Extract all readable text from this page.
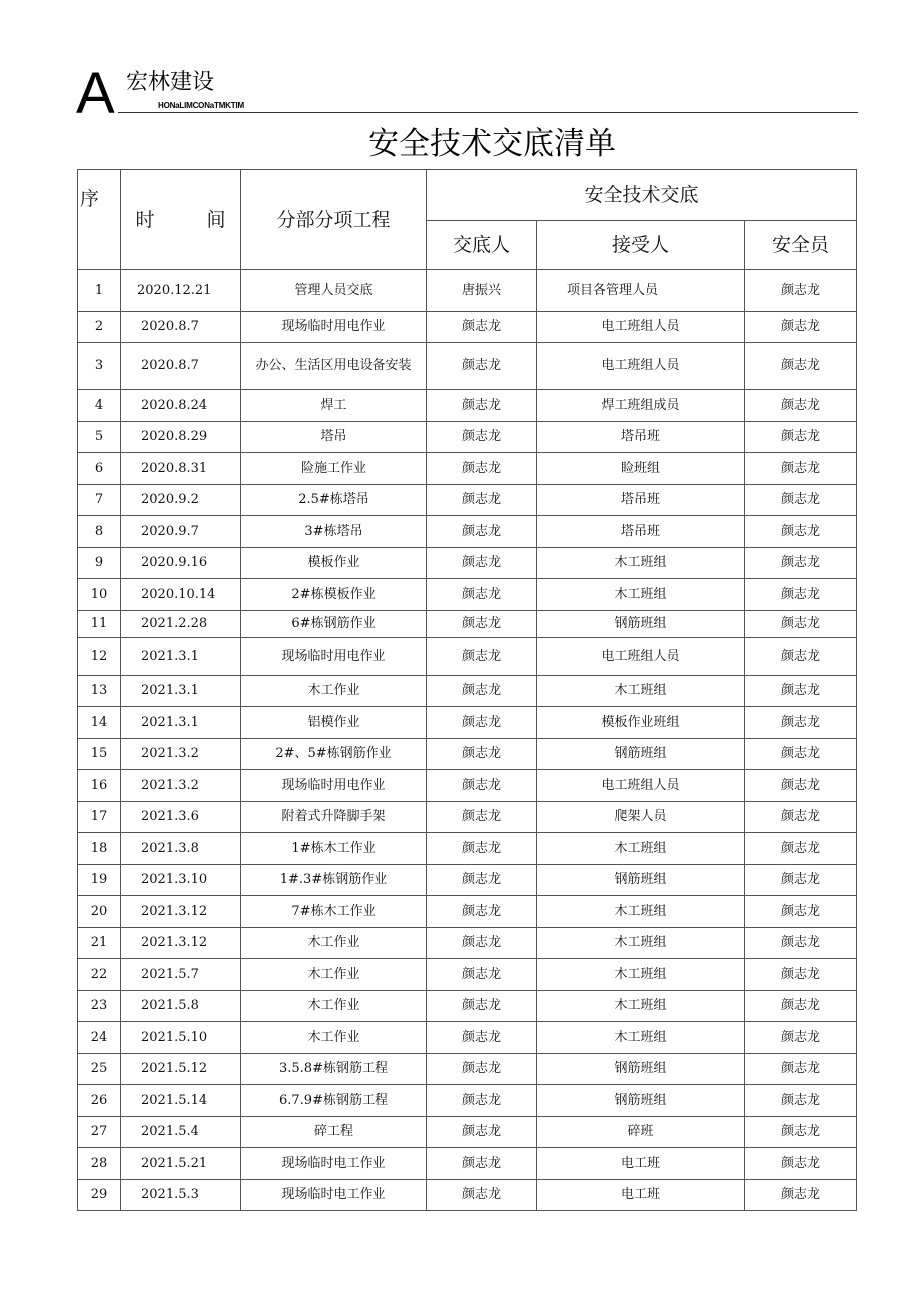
A 宏林建设
HONaLIMCONaTMKTIM
安全技术交底清单
序	时 间	分部分项工程	安全技术交底		
			交底人	接受人	安全员
1	2020.12.21	管理人员交底	唐振兴	项目各管理人员	颜志龙
2	2020.8.7	现场临时用电作业	颜志龙	电工班组人员	颜志龙
3	2020.8.7	办公、生活区用电设备安装	颜志龙	电工班组人员	颜志龙
4	2020.8.24	焊工	颜志龙	焊工班组成员	颜志龙
5	2020.8.29	塔吊	颜志龙	塔吊班	颜志龙
6	2020.8.31	险施工作业	颜志龙	睑班组	颜志龙
7	2020.9.2	2.5#栋塔吊	颜志龙	塔吊班	颜志龙
8	2020.9.7	3#栋塔吊	颜志龙	塔吊班	颜志龙
9	2020.9.16	模板作业	颜志龙	木工班组	颜志龙
10	2020.10.14	2#栋模板作业	颜志龙	木工班组	颜志龙
11	2021.2.28	6#栋钢筋作业	颜志龙	钢筋班组	颜志龙
12	2021.3.1	现场临时用电作业	颜志龙	电工班组人员	颜志龙
13	2021.3.1	木工作业	颜志龙	木工班组	颜志龙
14	2021.3.1	铝模作业	颜志龙	模板作业班组	颜志龙
15	2021.3.2	2#、5#栋钢筋作业	颜志龙	钢筋班组	颜志龙
16	2021.3.2	现场临时用电作业	颜志龙	电工班组人员	颜志龙
17	2021.3.6	附着式升降脚手架	颜志龙	爬架人员	颜志龙
18	2021.3.8	1#栋木工作业	颜志龙	木工班组	颜志龙
19	2021.3.10	1#.3#栋钢筋作业	颜志龙	钢筋班组	颜志龙
20	2021.3.12	7#栋木工作业	颜志龙	木工班组	颜志龙
21	2021.3.12	木工作业	颜志龙	木工班组	颜志龙
22	2021.5.7	木工作业	颜志龙	木工班组	颜志龙
23	2021.5.8	木工作业	颜志龙	木工班组	颜志龙
24	2021.5.10	木工作业	颜志龙	木工班组	颜志龙
25	2021.5.12	3.5.8#栋钢筋工程	颜志龙	钢筋班组	颜志龙
26	2021.5.14	6.7.9#栋钢筋工程	颜志龙	钢筋班组	颜志龙
27	2021.5.4	碎工程	颜志龙	碎班	颜志龙
28	2021.5.21	现场临时电工作业	颜志龙	电工班	颜志龙
29	2021.5.3	现场临时电工作业	颜志龙	电工班	颜志龙
